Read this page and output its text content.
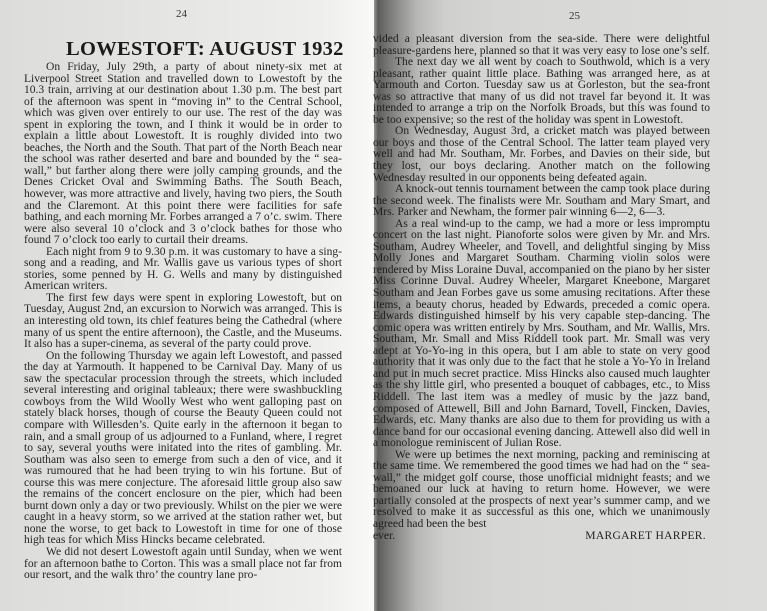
24
LOWESTOFT: AUGUST 1932

On Friday, July 29th, a party of about ninety-six met at Liverpool Street Station and travelled down to Lowestoft by the 10.3 train, arriving at our destination about 1.30 p.m. The best part of the afternoon was spent in “moving in” to the Central School, which was given over entirely to our use. The rest of the day was spent in exploring the town, and I think it would be in order to explain a little about Lowestoft. It is roughly divided into two beaches, the North and the South. That part of the North Beach near the school was rather deserted and bare and bounded by the “ sea-wall,” but farther along there were jolly camping grounds, and the Denes Cricket Oval and Swimming Baths. The South Beach, however, was more attractive and lively, having two piers, the South and the Claremont. At this point there were facilities for safe bathing, and each morning Mr. Forbes arranged a 7 o’c. swim. There were also several 10 o’clock and 3 o’clock bathes for those who found 7 o’clock too early to curtail their dreams.

Each night from 9 to 9.30 p.m. it was customary to have a sing-song and a reading, and Mr. Wallis gave us various types of short stories, some penned by H. G. Wells and many by distinguished American writers.

The first few days were spent in exploring Lowestoft, but on Tuesday, August 2nd, an excursion to Norwich was arranged. This is an interesting old town, its chief features being the Cathedral (where many of us spent the entire afternoon), the Castle, and the Museums. It also has a super-cinema, as several of the party could prove.

On the following Thursday we again left Lowestoft, and passed the day at Yarmouth. It happened to be Carnival Day. Many of us saw the spectacular procession through the streets, which included several interesting and original tableaux; there were swashbuckling cowboys from the Wild Woolly West who went galloping past on stately black horses, though of course the Beauty Queen could not compare with Willesden’s. Quite early in the afternoon it began to rain, and a small group of us adjourned to a Funland, where, I regret to say, several youths were initated into the rites of gambling. Mr. Southam was also seen to emerge from such a den of vice, and it was rumoured that he had been trying to win his fortune. But of course this was mere conjecture. The aforesaid little group also saw the remains of the concert enclosure on the pier, which had been burnt down only a day or two previously. Whilst on the pier we were caught in a heavy storm, so we arrived at the station rather wet, but none the worse, to get back to Lowestoft in time for one of those high teas for which Miss Hincks became celebrated.

We did not desert Lowestoft again until Sunday, when we went for an afternoon bathe to Corton. This was a small place not far from our resort, and the walk thro’ the country lane pro-

25

vided a pleasant diversion from the sea-side. There were delightful pleasure-gardens here, planned so that it was very easy to lose one’s self.

The next day we all went by coach to Southwold, which is a very pleasant, rather quaint little place. Bathing was arranged here, as at Yarmouth and Corton. Tuesday saw us at Gorleston, but the sea-front was so attractive that many of us did not travel far beyond it. It was intended to arrange a trip on the Norfolk Broads, but this was found to be too expensive; so the rest of the holiday was spent in Lowestoft.

On Wednesday, August 3rd, a cricket match was played between our boys and those of the Central School. The latter team played very well and had Mr. Southam, Mr. Forbes, and Davies on their side, but they lost, our boys declaring. Another match on the following Wednesday resulted in our opponents being defeated again.

A knock-out tennis tournament between the camp took place during the second week. The finalists were Mr. Southam and Mary Smart, and Mrs. Parker and Newham, the former pair winning 6—2, 6—3.

As a real wind-up to the camp, we had a more or less impromptu concert on the last night. Pianoforte solos were given by Mr. and Mrs. Southam, Audrey Wheeler, and Tovell, and delightful singing by Miss Molly Jones and Margaret Southam. Charming violin solos were rendered by Miss Loraine Duval, accompanied on the piano by her sister Miss Corinne Duval. Audrey Wheeler, Margaret Kneebone, Margaret Southam and Jean Forbes gave us some amusing recitations. After these items, a beauty chorus, headed by Edwards, preceded a comic opera. Edwards distinguished himself by his very capable step-dancing. The comic opera was written entirely by Mrs. Southam, and Mr. Wallis, Mrs. Southam, Mr. Small and Miss Riddell took part. Mr. Small was very adept at Yo-Yo-ing in this opera, but I am able to state on very good authority that it was only due to the fact that he stole a Yo-Yo in Ireland and put in much secret practice. Miss Hincks also caused much laughter as the shy little girl, who presented a bouquet of cabbages, etc., to Miss Riddell. The last item was a medley of music by the jazz band, composed of Attewell, Bill and John Barnard, Tovell, Fincken, Davies, Edwards, etc. Many thanks are also due to them for providing us with a dance band for our occasional evening dancing. Attewell also did well in a monologue reminiscent of Julian Rose.

We were up betimes the next morning, packing and reminiscing at the same time. We remembered the good times we had had on the “ sea-wall,” the midget golf course, those unofficial midnight feasts; and we bemoaned our luck at having to return home. However, we were partially consoled at the prospects of next year’s summer camp, and we resolved to make it as successful as this one, which we unanimously agreed had been the best

ever.	MARGARET HARPER.
